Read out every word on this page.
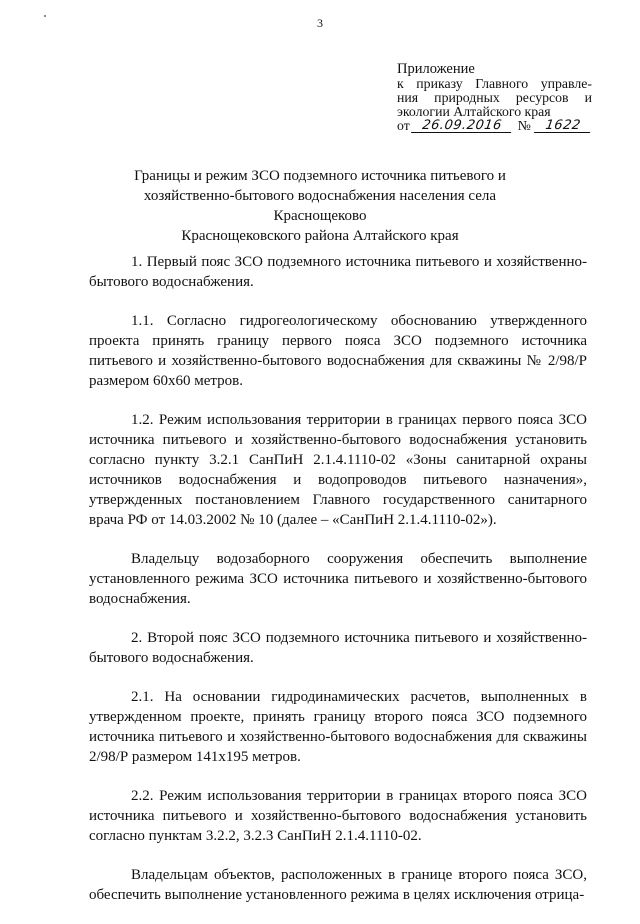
3
Приложение
к приказу Главного управле-
ния природных ресурсов и
экологии Алтайского края
от 26.09.2016	№	1622
Границы и режим ЗСО подземного источника питьевого и
хозяйственно-бытового водоснабжения населения села Краснощеково
Краснощековского района Алтайского края

1. Первый пояс ЗСО подземного источника питьевого и хозяйственно-бытового водоснабжения.

1.1. Согласно гидрогеологическому обоснованию утвержденного проекта принять границу первого пояса ЗСО подземного источника питьевого и хозяйственно-бытового водоснабжения для скважины № 2/98/Р размером 60х60 метров.

1.2. Режим использования территории в границах первого пояса ЗСО источника питьевого и хозяйственно-бытового водоснабжения установить согласно пункту 3.2.1 СанПиН 2.1.4.1110-02 «Зоны санитарной охраны источников водоснабжения и водопроводов питьевого назначения», утвержденных постановлением Главного государственного санитарного врача РФ от 14.03.2002 № 10 (далее – «СанПиН 2.1.4.1110-02»).

Владельцу водозаборного сооружения обеспечить выполнение установленного режима ЗСО источника питьевого и хозяйственно-бытового водоснабжения.

2. Второй пояс ЗСО подземного источника питьевого и хозяйственно-бытового водоснабжения.

2.1. На основании гидродинамических расчетов, выполненных в утвержденном проекте, принять границу второго пояса ЗСО подземного источника питьевого и хозяйственно-бытового водоснабжения для скважины 2/98/Р размером 141х195 метров.

2.2. Режим использования территории в границах второго пояса ЗСО источника питьевого и хозяйственно-бытового водоснабжения установить согласно пунктам 3.2.2, 3.2.3 СанПиН 2.1.4.1110-02.

Владельцам объектов, расположенных в границе второго пояса ЗСО, обеспечить выполнение установленного режима в целях исключения отрица-
